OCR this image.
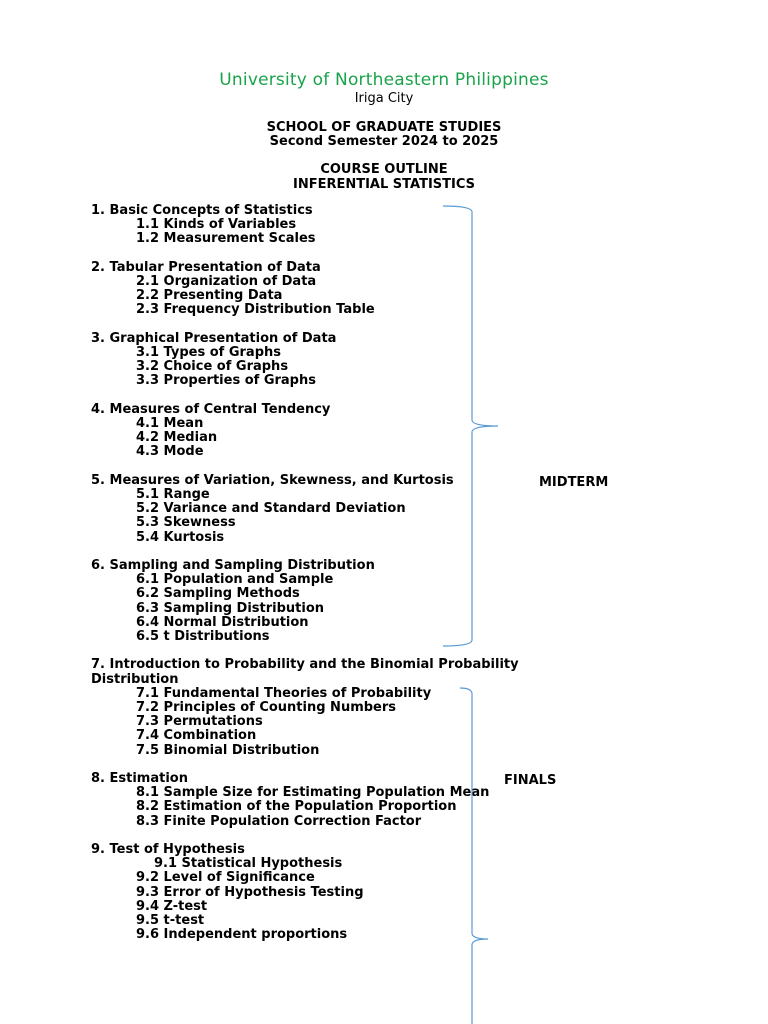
University of Northeastern Philippines
Iriga City
SCHOOL OF GRADUATE STUDIES
Second Semester 2024 to 2025
COURSE OUTLINE
INFERENTIAL STATISTICS
1. Basic Concepts of Statistics
1.1 Kinds of Variables
1.2 Measurement Scales
2. Tabular Presentation of Data
2.1 Organization of Data
2.2 Presenting Data
2.3 Frequency Distribution Table
3. Graphical Presentation of Data
3.1 Types of Graphs
3.2 Choice of Graphs
3.3 Properties of Graphs
4. Measures of Central Tendency
4.1 Mean
4.2 Median
4.3 Mode
5. Measures of Variation, Skewness, and Kurtosis
5.1 Range
5.2 Variance and Standard Deviation
5.3 Skewness
5.4 Kurtosis
6. Sampling and Sampling Distribution
6.1 Population and Sample
6.2 Sampling Methods
6.3 Sampling Distribution
6.4 Normal Distribution
6.5 t Distributions
7. Introduction to Probability and the Binomial Probability Distribution
7.1 Fundamental Theories of Probability
7.2 Principles of Counting Numbers
7.3 Permutations
7.4 Combination
7.5 Binomial Distribution
8. Estimation
8.1 Sample Size for Estimating Population Mean
8.2 Estimation of the Population Proportion
8.3 Finite Population Correction Factor
9. Test of Hypothesis
9.1 Statistical Hypothesis
9.2 Level of Significance
9.3 Error of Hypothesis Testing
9.4 Z-test
9.5 t-test
9.6 Independent proportions
MIDTERM
FINALS
